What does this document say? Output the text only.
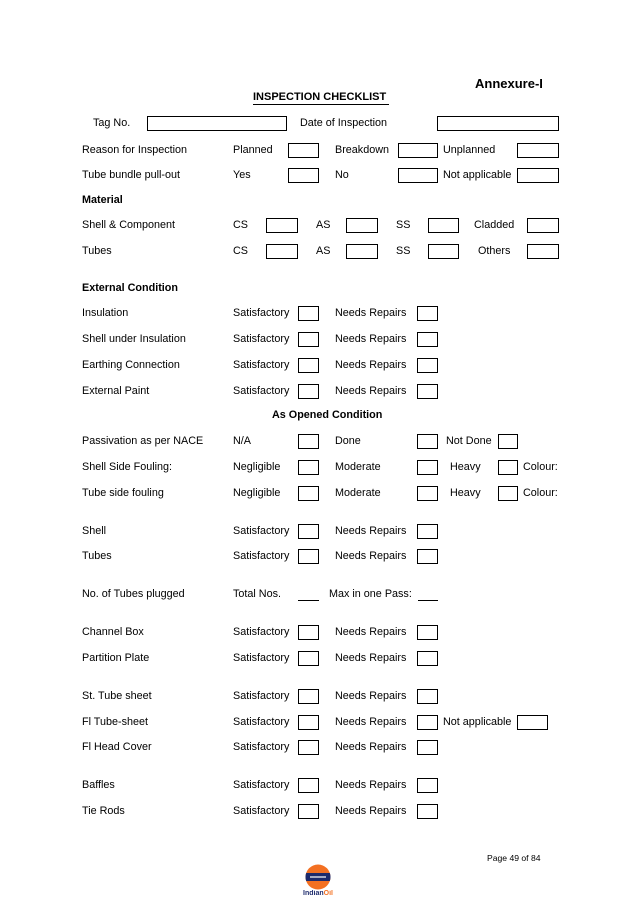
Annexure-I
INSPECTION CHECKLIST
Tag No.	Date of Inspection
Reason for Inspection	Planned	Breakdown	Unplanned
Tube bundle pull-out	Yes	No	Not applicable
Material
Shell & Component	CS	AS	SS	Cladded
Tubes	CS	AS	SS	Others
External Condition
Insulation	Satisfactory	Needs Repairs
Shell under Insulation	Satisfactory	Needs Repairs
Earthing Connection	Satisfactory	Needs Repairs
External Paint	Satisfactory	Needs Repairs
As Opened Condition
Passivation as per NACE	N/A	Done	Not Done
Shell Side Fouling:	Negligible	Moderate	Heavy	Colour:
Tube side fouling	Negligible	Moderate	Heavy	Colour:
Shell	Satisfactory	Needs Repairs
Tubes	Satisfactory	Needs Repairs
No. of Tubes plugged	Total Nos.	Max in one Pass:
Channel Box	Satisfactory	Needs Repairs
Partition Plate	Satisfactory	Needs Repairs
St. Tube sheet	Satisfactory	Needs Repairs
Fl Tube-sheet	Satisfactory	Needs Repairs	Not applicable
Fl Head Cover	Satisfactory	Needs Repairs
Baffles	Satisfactory	Needs Repairs
Tie Rods	Satisfactory	Needs Repairs
Page 49 of 84
IndianOil
